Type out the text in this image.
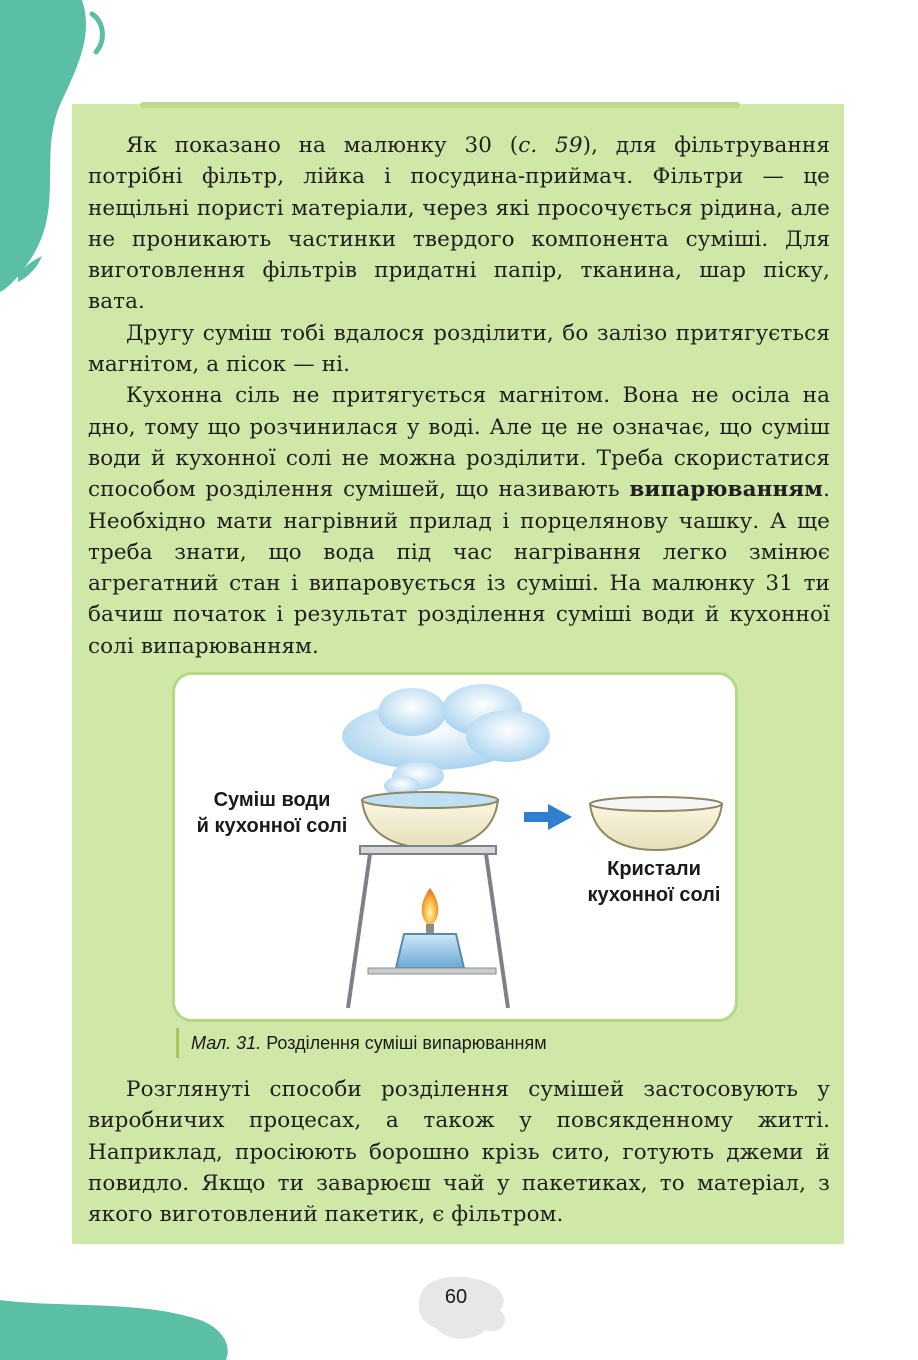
Як показано на малюнку 30 (с. 59), для фільтрування потрібні фільтр, лійка і посудина-приймач. Фільтри — це нещільні пористі матеріали, через які просочується рідина, але не проникають частинки твердого компонента суміші. Для виготовлення фільтрів придатні папір, тканина, шар піску, вата.

Другу суміш тобі вдалося розділити, бо залізо притягується магнітом, а пісок — ні.

Кухонна сіль не притягується магнітом. Вона не осіла на дно, тому що розчинилася у воді. Але це не означає, що суміш води й кухонної солі не можна розділити. Треба скористатися способом розділення сумішей, що називають випарюванням. Необхідно мати нагрівний прилад і порцелянову чашку. А ще треба знати, що вода під час нагрівання легко змінює агрегатний стан і випаровується із суміші. На малюнку 31 ти бачиш початок і результат розділення суміші води й кухонної солі випарюванням.

Суміш води
й кухонної солі
Кристали
кухонної солі
Мал. 31. Розділення суміші випарюванням

Розглянуті способи розділення сумішей застосовують у виробничих процесах, а також у повсякденному житті. Наприклад, просіюють борошно крізь сито, готують джеми й повидло. Якщо ти заварюєш чай у пакетиках, то матеріал, з якого виготовлений пакетик, є фільтром.

60
